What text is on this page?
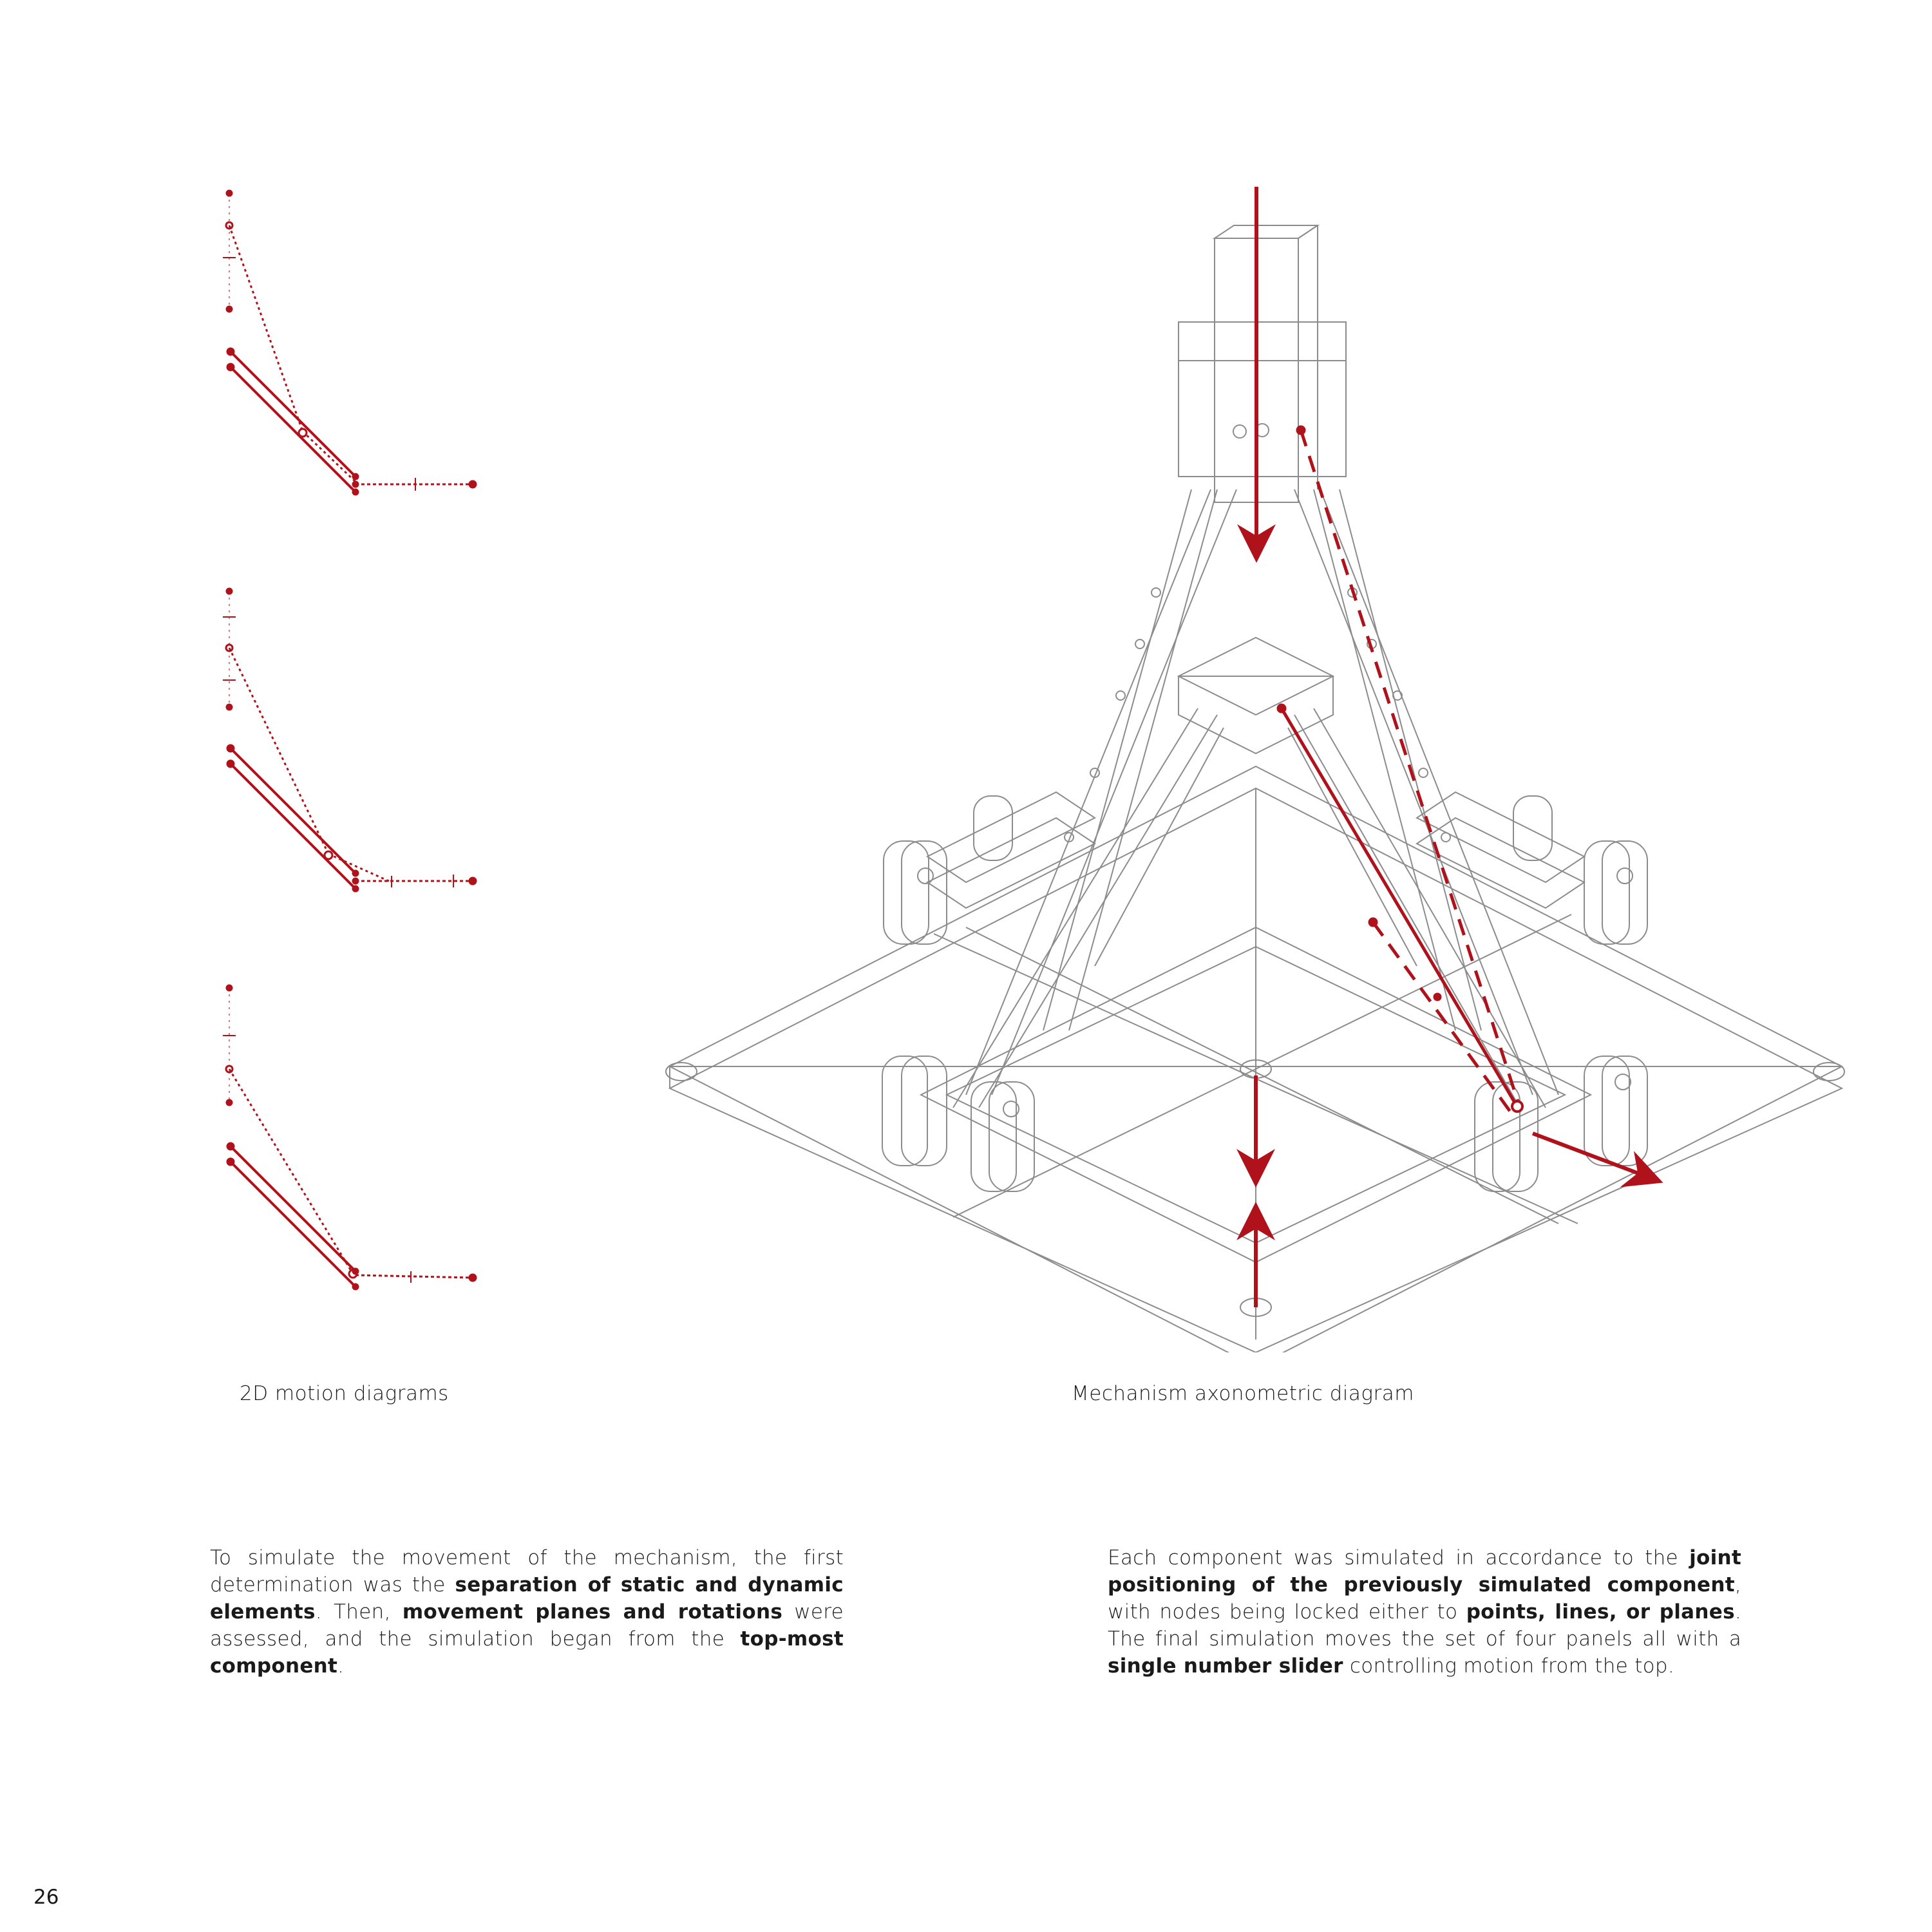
2D motion diagrams	Mechanism axonometric diagram
To simulate the movement of the mechanism, the first determination was the separation of static and dynamic elements. Then, movement planes and rotations were assessed, and the simulation began from the top-most component.
Each component was simulated in accordance to the joint positioning of the previously simulated component, with nodes being locked either to points, lines, or planes. The final simulation moves the set of four panels all with a single number slider controlling motion from the top.
26
